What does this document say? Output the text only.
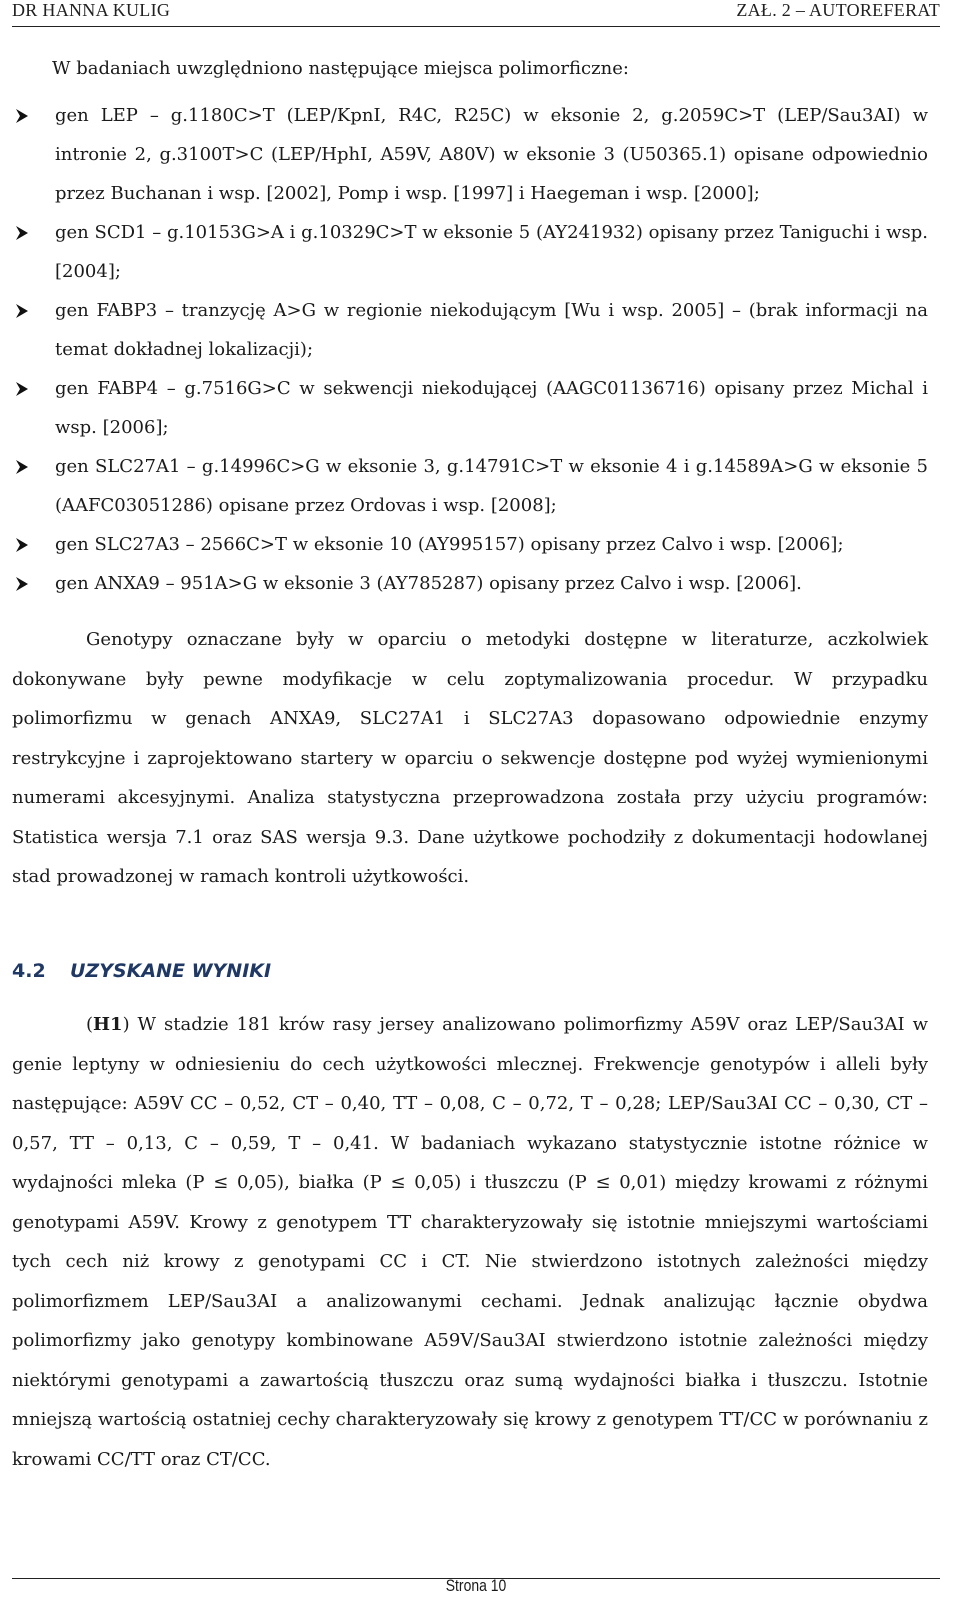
DR HANNA KULIG	ZAŁ. 2 – AUTOREFERAT
W badaniach uwzględniono następujące miejsca polimorficzne:
gen LEP – g.1180C>T (LEP/KpnI, R4C, R25C) w eksonie 2, g.2059C>T (LEP/Sau3AI) w intronie 2, g.3100T>C (LEP/HphI, A59V, A80V) w eksonie 3 (U50365.1) opisane odpowiednio przez Buchanan i wsp. [2002], Pomp i wsp. [1997] i Haegeman i wsp. [2000];
gen SCD1 – g.10153G>A i g.10329C>T w eksonie 5 (AY241932) opisany przez Taniguchi i wsp. [2004];
gen FABP3 – tranzycję A>G w regionie niekodującym [Wu i wsp. 2005] – (brak informacji na temat dokładnej lokalizacji);
gen FABP4 – g.7516G>C w sekwencji niekodującej (AAGC01136716) opisany przez Michal i wsp. [2006];
gen SLC27A1 – g.14996C>G w eksonie 3, g.14791C>T w eksonie 4 i g.14589A>G w eksonie 5 (AAFC03051286) opisane przez Ordovas i wsp. [2008];
gen SLC27A3 – 2566C>T w eksonie 10 (AY995157) opisany przez Calvo i wsp. [2006];
gen ANXA9 – 951A>G w eksonie 3 (AY785287) opisany przez Calvo i wsp. [2006].
Genotypy oznaczane były w oparciu o metodyki dostępne w literaturze, aczkolwiek dokonywane były pewne modyfikacje w celu zoptymalizowania procedur. W przypadku polimorfizmu w genach ANXA9, SLC27A1 i SLC27A3 dopasowano odpowiednie enzymy restrykcyjne i zaprojektowano startery w oparciu o sekwencje dostępne pod wyżej wymienionymi numerami akcesyjnymi. Analiza statystyczna przeprowadzona została przy użyciu programów: Statistica wersja 7.1 oraz SAS wersja 9.3. Dane użytkowe pochodziły z dokumentacji hodowlanej stad prowadzonej w ramach kontroli użytkowości.
4.2 UZYSKANE WYNIKI
(H1) W stadzie 181 krów rasy jersey analizowano polimorfizmy A59V oraz LEP/Sau3AI w genie leptyny w odniesieniu do cech użytkowości mlecznej. Frekwencje genotypów i alleli były następujące: A59V CC – 0,52, CT – 0,40, TT – 0,08, C – 0,72, T – 0,28; LEP/Sau3AI CC – 0,30, CT – 0,57, TT – 0,13, C – 0,59, T – 0,41. W badaniach wykazano statystycznie istotne różnice w wydajności mleka (P ≤ 0,05), białka (P ≤ 0,05) i tłuszczu (P ≤ 0,01) między krowami z różnymi genotypami A59V. Krowy z genotypem TT charakteryzowały się istotnie mniejszymi wartościami tych cech niż krowy z genotypami CC i CT. Nie stwierdzono istotnych zależności między polimorfizmem LEP/Sau3AI a analizowanymi cechami. Jednak analizując łącznie obydwa polimorfizmy jako genotypy kombinowane A59V/Sau3AI stwierdzono istotnie zależności między niektórymi genotypami a zawartością tłuszczu oraz sumą wydajności białka i tłuszczu. Istotnie mniejszą wartością ostatniej cechy charakteryzowały się krowy z genotypem TT/CC w porównaniu z krowami CC/TT oraz CT/CC.
Strona 10
